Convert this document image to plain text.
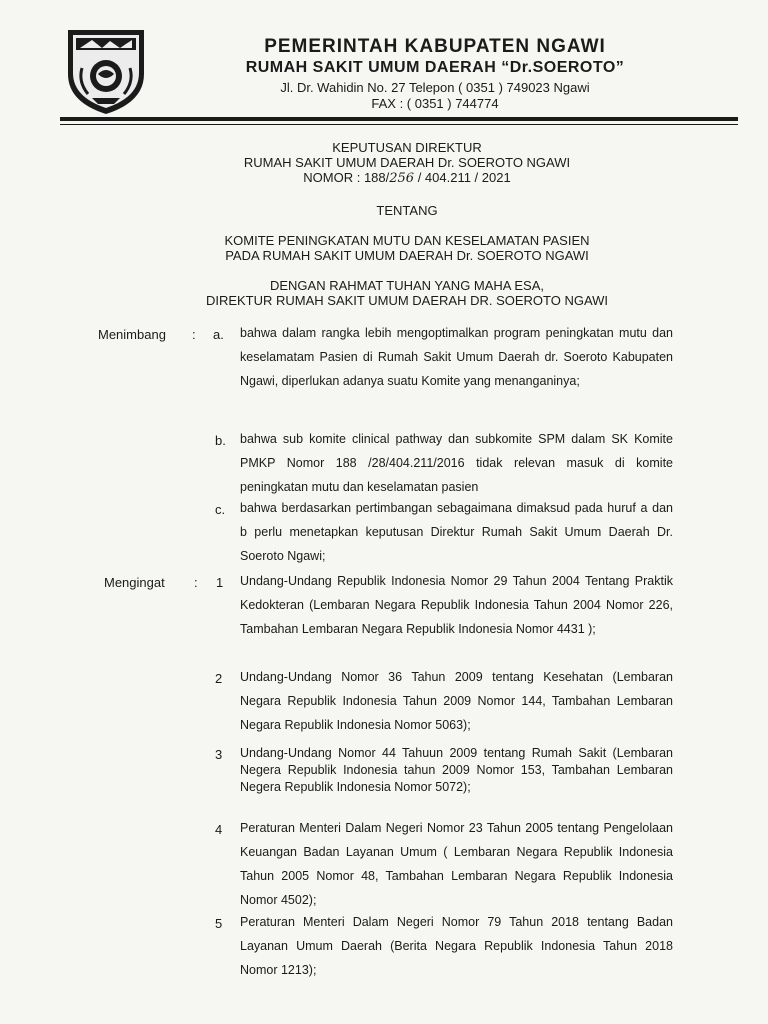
PEMERINTAH KABUPATEN NGAWI
RUMAH SAKIT UMUM DAERAH “Dr.SOEROTO”
Jl. Dr. Wahidin No. 27 Telepon ( 0351 ) 749023 Ngawi
FAX : ( 0351 ) 744774
KEPUTUSAN DIREKTUR
RUMAH SAKIT UMUM DAERAH Dr. SOEROTO NGAWI
NOMOR : 188/256 / 404.211 / 2021
TENTANG
KOMITE PENINGKATAN MUTU DAN KESELAMATAN PASIEN
PADA RUMAH SAKIT UMUM DAERAH Dr. SOEROTO NGAWI
DENGAN RAHMAT TUHAN YANG MAHA ESA,
DIREKTUR RUMAH SAKIT UMUM DAERAH DR. SOEROTO NGAWI
Menimbang : a. bahwa dalam rangka lebih mengoptimalkan program peningkatan mutu dan keselamatam Pasien di Rumah Sakit Umum Daerah dr. Soeroto Kabupaten Ngawi, diperlukan adanya suatu Komite yang menanganinya;
b. bahwa sub komite clinical pathway dan subkomite SPM dalam SK Komite PMKP Nomor 188 /28/404.211/2016 tidak relevan masuk di komite peningkatan mutu dan keselamatan pasien
c. bahwa berdasarkan pertimbangan sebagaimana dimaksud pada huruf a dan b perlu menetapkan keputusan Direktur Rumah Sakit Umum Daerah Dr. Soeroto Ngawi;
Mengingat : 1 Undang-Undang Republik Indonesia Nomor 29 Tahun 2004 Tentang Praktik Kedokteran (Lembaran Negara Republik Indonesia Tahun 2004 Nomor 226, Tambahan Lembaran Negara Republik Indonesia Nomor 4431 );
2 Undang-Undang Nomor 36 Tahun 2009 tentang Kesehatan (Lembaran Negara Republik Indonesia Tahun 2009 Nomor 144, Tambahan Lembaran Negara Republik Indonesia Nomor 5063);
3 Undang-Undang Nomor 44 Tahuun 2009 tentang Rumah Sakit (Lembaran Negera Republik Indonesia tahun 2009 Nomor 153, Tambahan Lembaran Negera Republik Indonesia Nomor 5072);
4 Peraturan Menteri Dalam Negeri Nomor 23 Tahun 2005 tentang Pengelolaan Keuangan Badan Layanan Umum ( Lembaran Negara Republik Indonesia Tahun 2005 Nomor 48, Tambahan Lembaran Negara Republik Indonesia Nomor 4502);
5 Peraturan Menteri Dalam Negeri Nomor 79 Tahun 2018 tentang Badan Layanan Umum Daerah (Berita Negara Republik Indonesia Tahun 2018 Nomor 1213);
